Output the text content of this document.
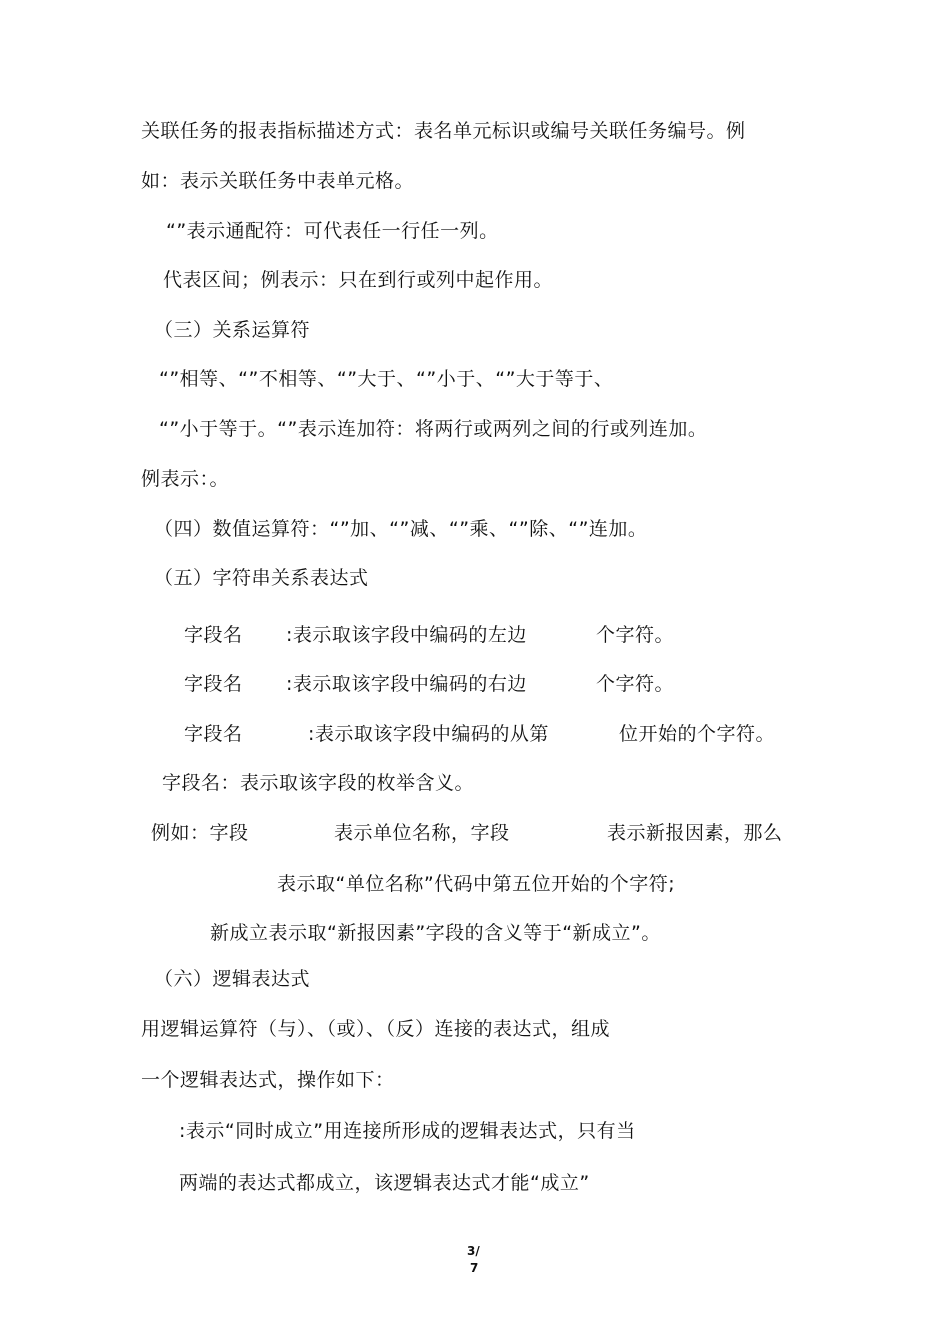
关联任务的报表指标描述方式：表名单元标识或编号关联任务编号。例
如：表示关联任务中表单元格。
“”表示通配符：可代表任一行任一列。
代表区间；例表示：只在到行或列中起作用。
（三）关系运算符
“”相等、“”不相等、“”大于、“”小于、“”大于等于、
“”小于等于。“”表示连加符：将两行或两列之间的行或列连加。
例表示：。
（四）数值运算符：“”加、“”减、“”乘、“”除、“”连加。
（五）字符串关系表达式
字段名 :表示取该字段中编码的左边	个字符。
字段名 :表示取该字段中编码的右边	个字符。
字段名	:表示取该字段中编码的从第	位开始的个字符。
字段名：表示取该字段的枚举含义。
例如：字段	表示单位名称，字段	表示新报因素，那么
表示取“单位名称”代码中第五位开始的个字符;
新成立表示取“新报因素”字段的含义等于“新成立”。
（六）逻辑表达式
用逻辑运算符（与）、（或）、（反）连接的表达式，组成
一个逻辑表达式，操作如下：
:表示“同时成立”用连接所形成的逻辑表达式，只有当
两端的表达式都成立，该逻辑表达式才能“成立”
3/
7
